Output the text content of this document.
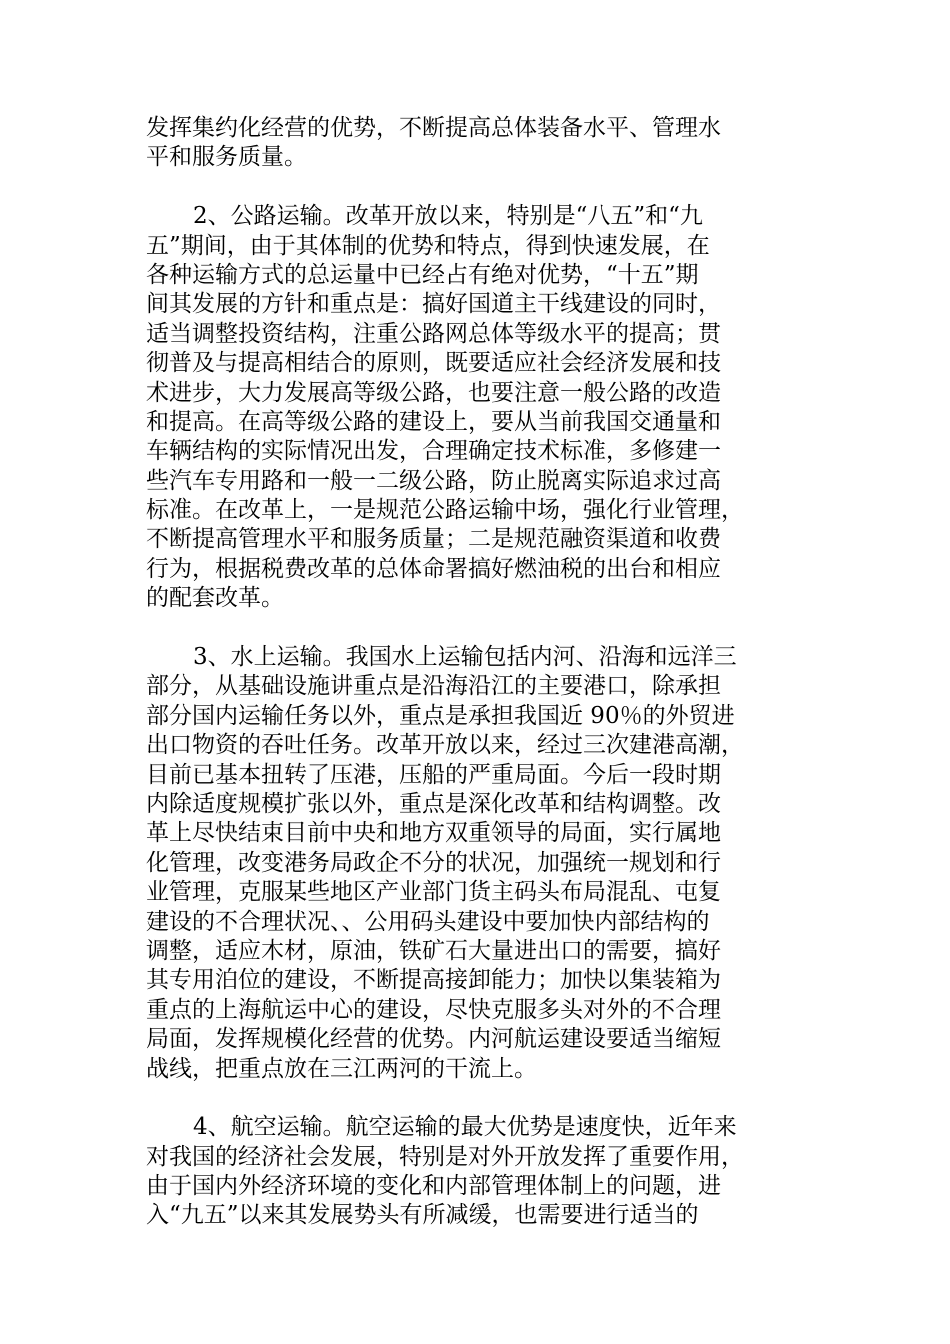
发挥集约化经营的优势，不断提高总体装备水平、管理水
平和服务质量。
2、公路运输。改革开放以来，特别是“八五”和“九
五”期间，由于其体制的优势和特点，得到快速发展，在
各种运输方式的总运量中已经占有绝对优势，“十五”期
间其发展的方针和重点是：搞好国道主干线建设的同时，
适当调整投资结构，注重公路网总体等级水平的提高；贯
彻普及与提高相结合的原则，既要适应社会经济发展和技
术进步，大力发展高等级公路，也要注意一般公路的改造
和提高。在高等级公路的建设上，要从当前我国交通量和
车辆结构的实际情况出发，合理确定技术标准，多修建一
些汽车专用路和一般一二级公路，防止脱离实际追求过高
标准。在改革上，一是规范公路运输中场，强化行业管理，
不断提高管理水平和服务质量；二是规范融资渠道和收费
行为，根据税费改革的总体命署搞好燃油税的出台和相应
的配套改革。
3、水上运输。我国水上运输包括内河、沿海和远洋三
部分，从基础设施讲重点是沿海沿江的主要港口，除承担
部分国内运输任务以外，重点是承担我国近 90％的外贸进
出口物资的吞吐任务。改革开放以来，经过三次建港高潮，
目前已基本扭转了压港，压船的严重局面。今后一段时期
内除适度规模扩张以外，重点是深化改革和结构调整。改
革上尽快结束目前中央和地方双重领导的局面，实行属地
化管理，改变港务局政企不分的状况，加强统一规划和行
业管理，克服某些地区产业部门货主码头布局混乱、屯复
建设的不合理状况、、公用码头建设中要加快内部结构的
调整，适应木材，原油，铁矿石大量进出口的需要，搞好
其专用泊位的建设，不断提高接卸能力；加快以集装箱为
重点的上海航运中心的建设，尽快克服多头对外的不合理
局面，发挥规模化经营的优势。内河航运建设要适当缩短
战线，把重点放在三江两河的干流上。
4、航空运输。航空运输的最大优势是速度快，近年来
对我国的经济社会发展，特别是对外开放发挥了重要作用，
由于国内外经济环境的变化和内部管理体制上的问题，进
入“九五”以来其发展势头有所减缓，也需要进行适当的
